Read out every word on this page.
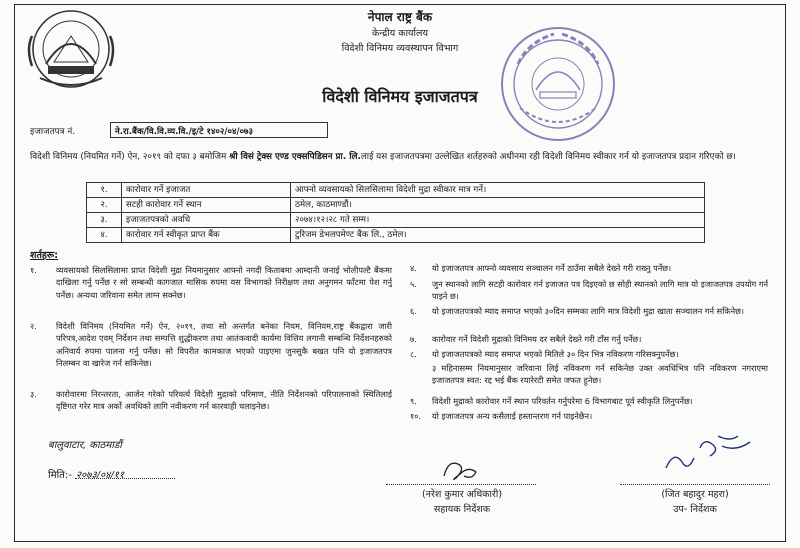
नेपाल राष्ट्र बैंक
केन्द्रीय कार्यालय
विदेशी विनिमय व्यवस्थापन विभाग
विदेशी विनिमय इजाजतपत्र
इजाजतपत्र नं.	ने.रा.बैंक/वि.वि.व्य.वि./इ/टे १४०२/०४/०७३
विदेशी विनिमय (नियमित गर्ने) ऐन, २०१९ को दफा ३ बमोजिम श्री विसं ट्रेक्स एण्ड एक्सपिडिसन प्रा. लि.लाई यस इजाजतपत्रमा उल्लेखित शर्तहरुको अधीनमा रही विदेशी विनिमय स्वीकार गर्न यो इजाजतपत्र प्रदान गरिएको छ।
१.	कारोवार गर्ने इजाजत	आफ्नो व्यवसायको सिलसिलामा विदेशी मुद्रा स्वीकार मात्र गर्ने।
२.	सटही कारोवार गर्ने स्थान	ठमेल, काठमाण्डौं।
३.	इजाजतपत्रको अवधि	२०७४।१२।२८ गते सम्म।
४.	कारोवार गर्न स्वीकृत प्राप्त बैंक	टुरिजम डेभलपमेण्ट बैंक लि., ठमेल।
शर्तहरू:
१. व्यवसायको सिलसिलामा प्राप्त विदेशी मुद्रा नियमानुसार आफ्नो नगदी किताबमा आम्दानी जनाई भोलीपल्टै बैंकमा दाखिला गर्नु पर्नेछ र सो सम्बन्धी कागजात मासिक रुपमा यस विभागको निरीक्षण तथा अनुगमन फाँटमा पेश गर्नु पर्नेछ। अन्यथा जरिवाना समेत लाग्न सक्नेछ।
२. विदेशी विनिमय (नियमित गर्ने) ऐन, २०१९, तथा सो अन्तर्गत बनेका नियम, विनियम,राष्ट्र बैंकद्वारा जारी परिपत्र,आदेश एवम् निर्देशन तथा सम्पत्ति शुद्धीकरण तथा आतंकवादी कार्यमा वित्तिय लगानी सम्बन्धि निर्देशनहरुको अनिवार्य रुपमा पालना गर्नु पर्नेछ। सो विपरीत कामकाज भएको पाइएमा जुनसुकै बखत पनि यो इजाजतपत्र निलम्बन वा खारेज गर्न सकिनेछ।
३. कारोवारमा निरन्तरता, आर्जन गरेको परिवर्त्य विदेशी मुद्राको परिमाण, नीति निर्देशनको परिपालनाको स्थितिलाई दृष्टिगत गरेर मात्र अर्को अवधिको लागि नवीकरण गर्न कारवाही चलाइनेछ।
४. यो इजाजतपत्र आफ्नो व्यवसाय सञ्चालन गर्ने ठाउँमा सबैले देख्ने गरी राख्नु पर्नेछ।
५. जुन स्थानको लागि सटही कारोवार गर्न इजाजत पत्र दिइएको छ सोही स्थानको लागि मात्र यो इजाजतपत्र उपयोग गर्न पाइने छ।
६. यो इजाजतपत्रको म्याद समाप्त भएको ३०दिन सम्मका लागि मात्र विदेशी मुद्रा खाता सञ्चालन गर्न सकिनेछ।
७. कारोवार गर्ने विदेशी मुद्राको विनिमय दर सबैले देख्ने गरी टाँस गर्नु पर्नेछ।
८. यो इजाजतपत्रको म्याद समाप्त भएको मितिले ३० दिन भित्र नविकरण गरिसक्नुपर्नेछ।
३ महिनासम्म नियमानुसार जरिवाना लिई नविकरण गर्न सकिनेछ उक्त अवधिभित्र पनि नविकरण नगराएमा इजाजतपत्र स्वत: रद्द भई बैंक रयारेरटी समेत जफत हुनेछ।
९. विदेशी मुद्राको कारोवार गर्ने स्थान परिवर्तन गर्नुपरेमा 6 विभागबाट पूर्व स्वीकृति लिनुपर्नेछ।
१०. यो इजाजतपत्र अन्य कसैलाई हस्तान्तरण गर्न पाइनेछैन।
बालुवाटार, काठमाडौं
मिति:- २०७३/०४/११
(नरेश कुमार अधिकारी)
सहायक निर्देशक
(जित बहादुर महरा)
उप- निर्देशक
